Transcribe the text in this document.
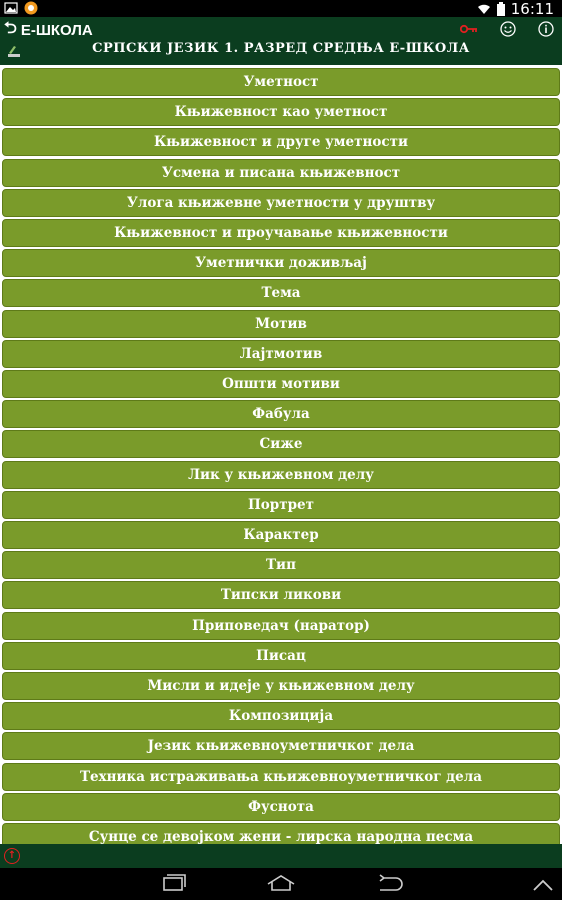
16:11
⮌ Е-ШКОЛА
СРПСКИ ЈЕЗИК 1. РАЗРЕД СРЕДЊА Е-ШКОЛА
Уметност
Књижевност као уметност
Књижевност и друге уметности
Усмена и писана књижевност
Улога књижевне уметности у друштву
Књижевност и проучавање књижевности
Уметнички доживљај
Тема
Мотив
Лајтмотив
Општи мотиви
Фабула
Сиже
Лик у књижевном делу
Портрет
Карактер
Тип
Типски ликови
Приповедач (наратор)
Писац
Мисли и идеје у књижевном делу
Композиција
Језик књижевноуметничког дела
Техника истраживања књижевноуметничког дела
Фуснота
Сунце се девојком жени - лирска народна песма
↑
